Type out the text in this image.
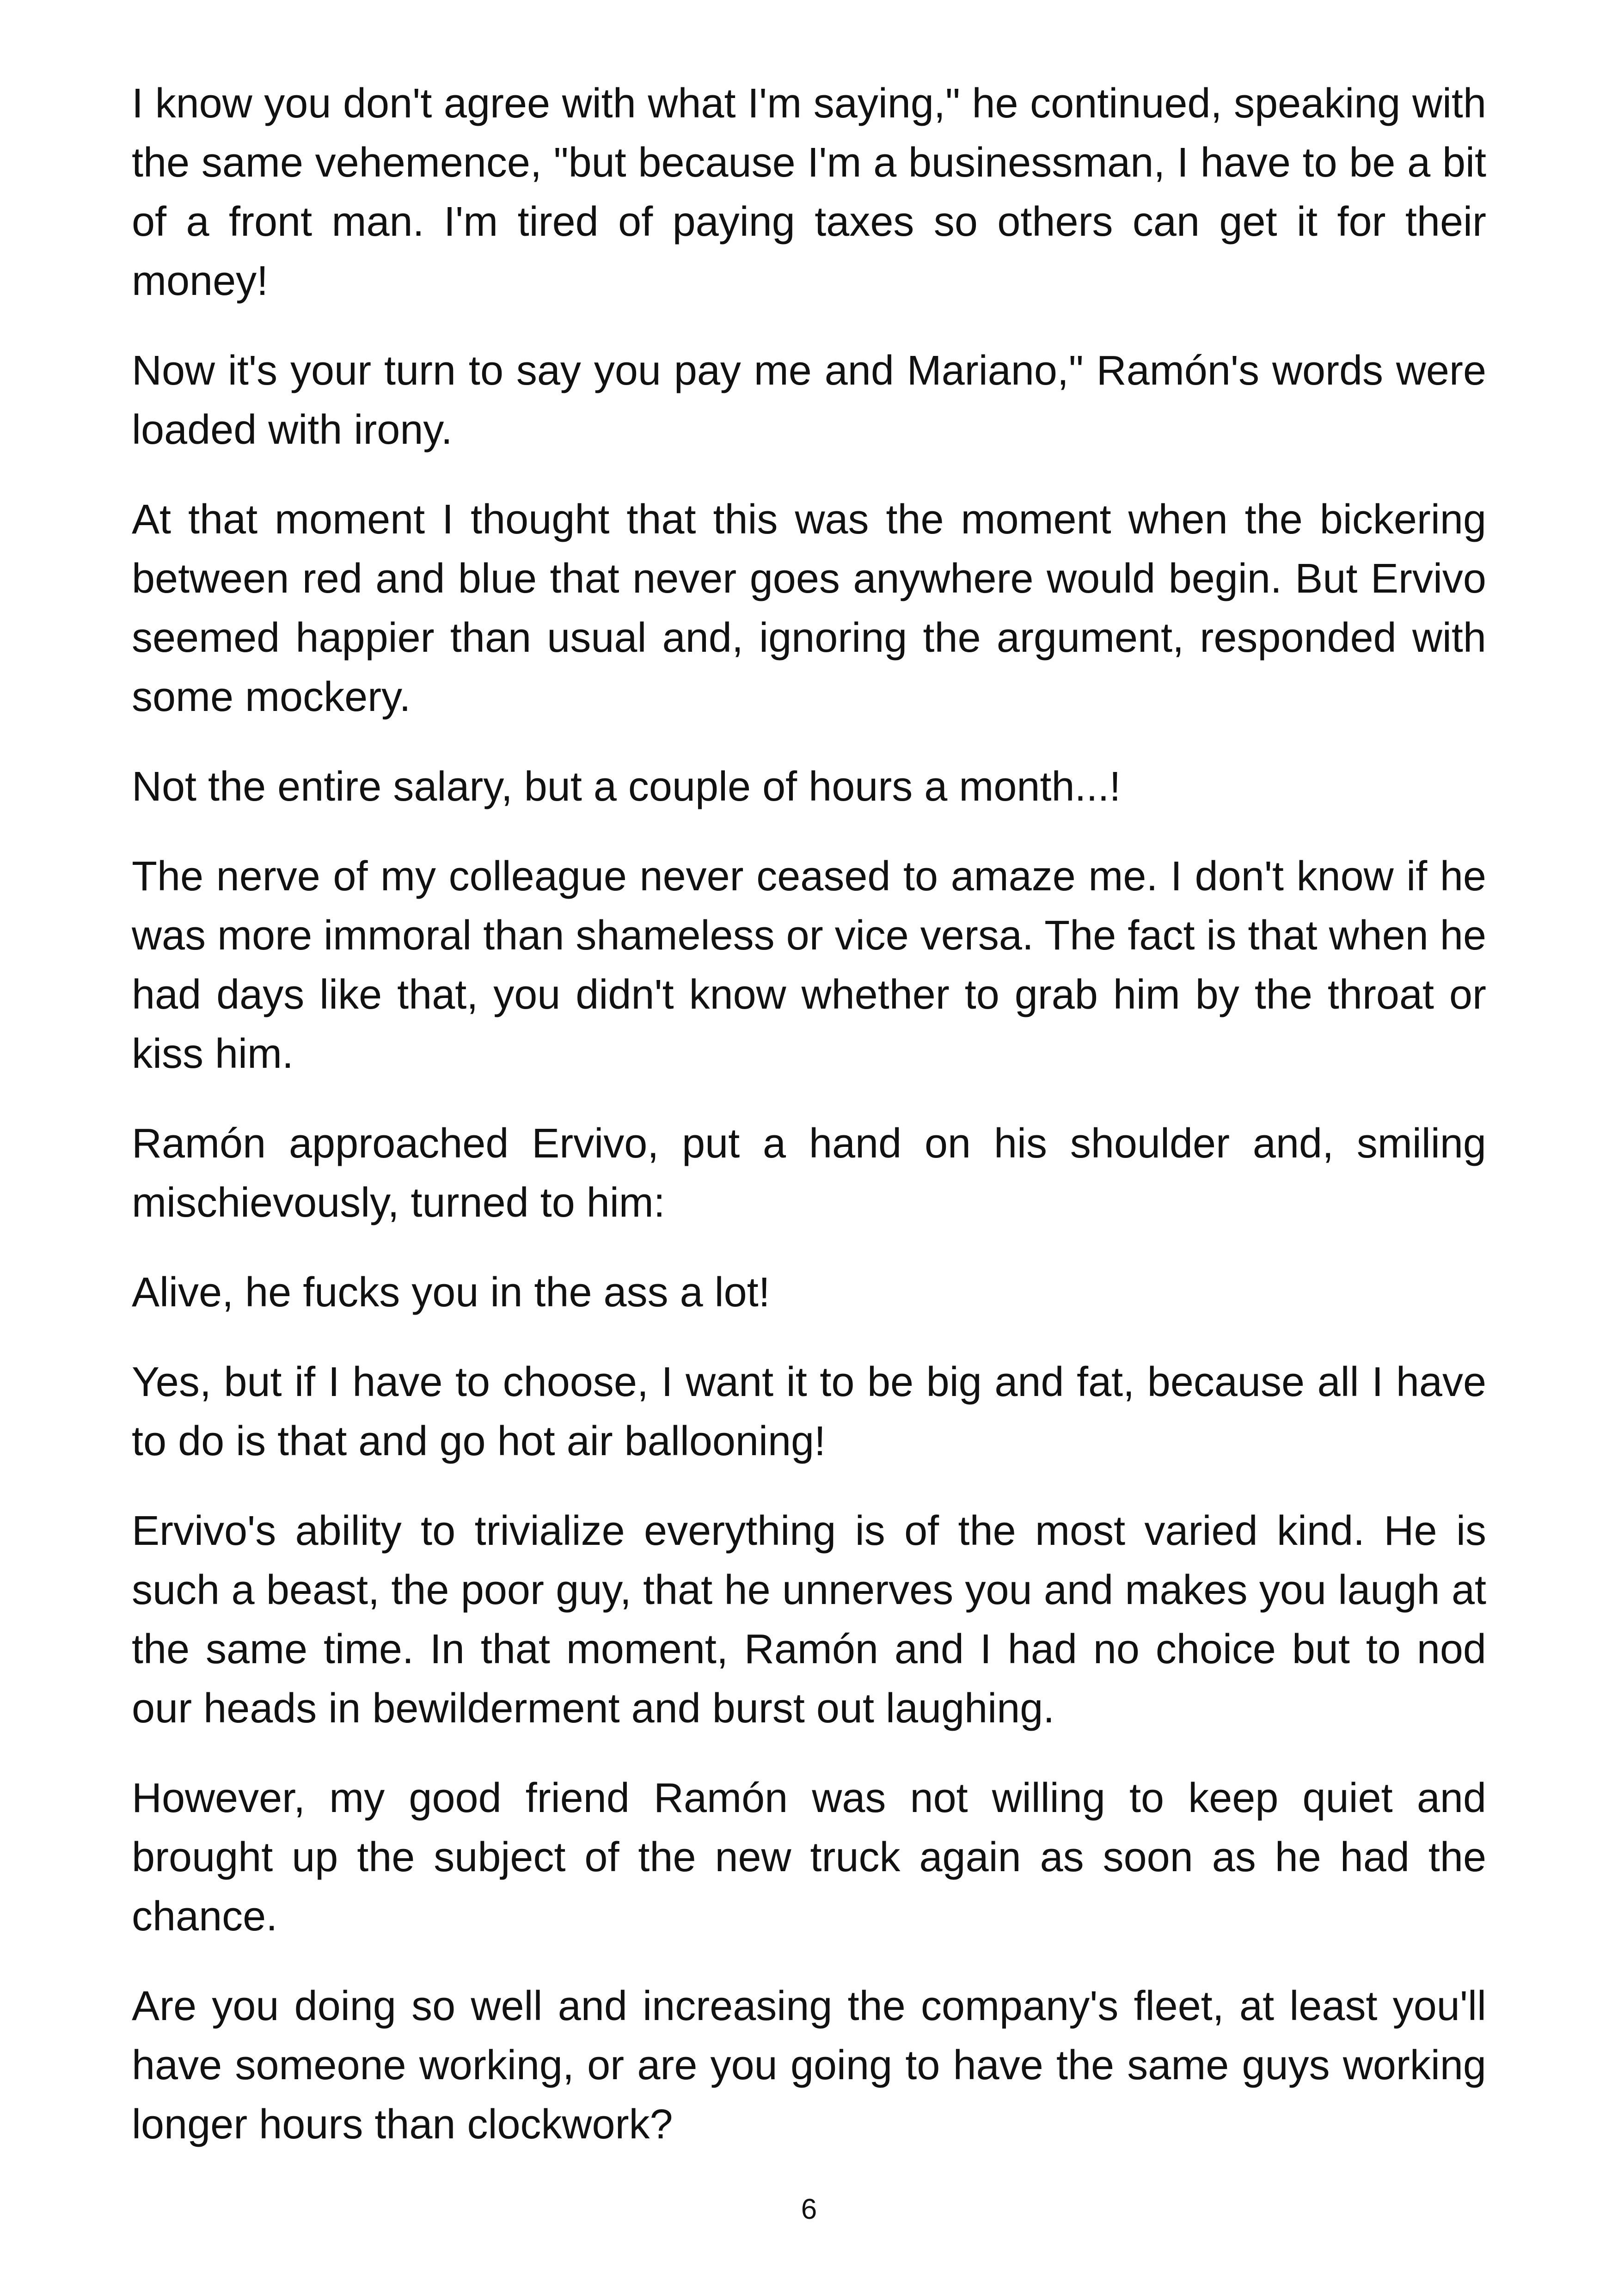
I know you don't agree with what I'm saying," he continued, speaking with the same vehemence, "but because I'm a businessman, I have to be a bit of a front man. I'm tired of paying taxes so others can get it for their money!

Now it's your turn to say you pay me and Mariano," Ramón's words were loaded with irony.

At that moment I thought that this was the moment when the bickering between red and blue that never goes anywhere would begin. But Ervivo seemed happier than usual and, ignoring the argument, responded with some mockery.

Not the entire salary, but a couple of hours a month...!

The nerve of my colleague never ceased to amaze me. I don't know if he was more immoral than shameless or vice versa. The fact is that when he had days like that, you didn't know whether to grab him by the throat or kiss him.

Ramón approached Ervivo, put a hand on his shoulder and, smiling mischievously, turned to him:

Alive, he fucks you in the ass a lot!

Yes, but if I have to choose, I want it to be big and fat, because all I have to do is that and go hot air ballooning!

Ervivo's ability to trivialize everything is of the most varied kind. He is such a beast, the poor guy, that he unnerves you and makes you laugh at the same time. In that moment, Ramón and I had no choice but to nod our heads in bewilderment and burst out laughing.

However, my good friend Ramón was not willing to keep quiet and brought up the subject of the new truck again as soon as he had the chance.

Are you doing so well and increasing the company's fleet, at least you'll have someone working, or are you going to have the same guys working longer hours than clockwork?

6
